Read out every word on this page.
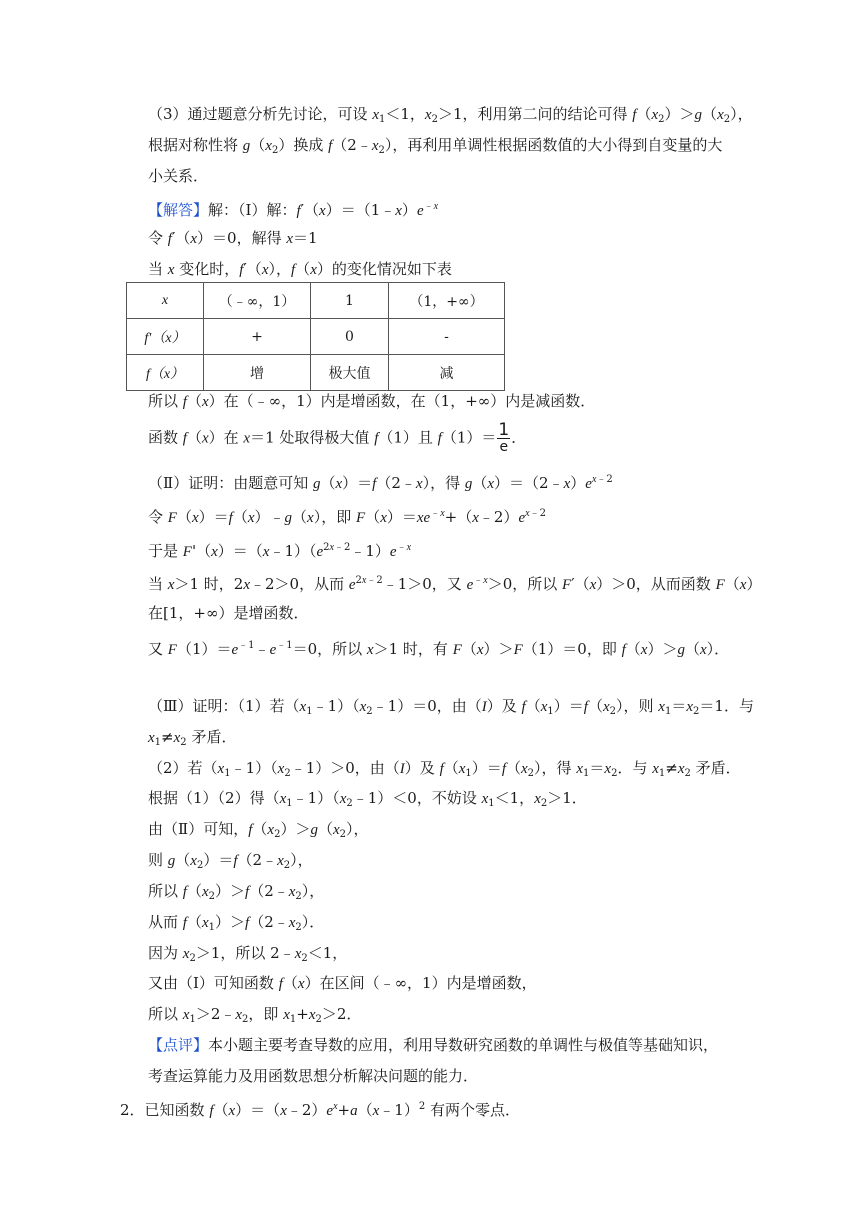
（3）通过题意分析先讨论，可设 $x_1<1$，$x_2>1$，利用第二问的结论可得 $f(x_2)>g(x_2)$，
根据对称性将 $g(x_2)$换成 $f(2﹣x_2)$，再利用单调性根据函数值的大小得到自变量的大
小关系．
【解答】解：（Ⅰ）解：$f'(x)=(1﹣x)e^{﹣x}$
令 f′（x）＝0，解得 x＝1
当 x 变化时，f′（x），f（x）的变化情况如下表
x	（﹣∞，1）	1	（1，+∞）
f′（x）	+	0	-
f（x）	增	极大值	减
所以 f（x）在（﹣∞，1）内是增函数，在（1，+∞）内是减函数．
函数 f（x）在 x＝1 处取得极大值 f（1）且 $f(1)= \frac{1}{e}$ ．
（Ⅱ）证明：由题意可知 g（x）＝f（2﹣x），得 $g(x)=(2﹣x)e^{x﹣2}$
令 F（x）＝f（x）﹣g（x），即 $F(x)=xe^{﹣x}+(x﹣2)e^{x﹣2}$
于是 $F'(x)=(x﹣1)(e^{2x﹣2}﹣1)e^{﹣x}$
当 x＞1 时，2x﹣2＞0，从而 $e^{2x﹣2}﹣1>0$，又 $e^{﹣x}>0$，所以 F′（x）＞0，从而函数 F（x）
在[1，+∞）是增函数．
又 $F(1)=e^{﹣1}﹣e^{﹣1}=0$，所以 x＞1 时，有 F（x）＞F（1）＝0，即 f（x）＞g（x）．
（Ⅲ）证明：（1）若$(x_1﹣1)(x_2﹣1)=0$，由（I）及 $f(x_1)=f(x_2)$，则 $x_1=x_2=1$．与
$x_1\ne x_2$ 矛盾．
（2）若$(x_1﹣1)(x_2﹣1)>0$，由（I）及 $f(x_1)=f(x_2)$，得 $x_1=x_2$．与 $x_1\ne x_2$ 矛盾．
根据（1）（2）得$(x_1﹣1)(x_2﹣1)<0$，不妨设 $x_1<1$，$x_2>1$．
由（Ⅱ）可知，$f(x_2)>g(x_2)$，
则 $g(x_2)=f(2﹣x_2)$，
所以 $f(x_2)>f(2﹣x_2)$，
从而 $f(x_1)>f(2﹣x_2)$．
因为 $x_2>1$，所以 $2﹣x_2<1$，
又由（Ⅰ）可知函数 f（x）在区间（﹣∞，1）内是增函数，
所以 $x_1>2﹣x_2$，即 $x_1+x_2>2$．
【点评】本小题主要考查导数的应用，利用导数研究函数的单调性与极值等基础知识，
考查运算能力及用函数思想分析解决问题的能力．
2．已知函数 $f(x)=(x﹣2)e^x+a(x﹣1)^2$ 有两个零点．
